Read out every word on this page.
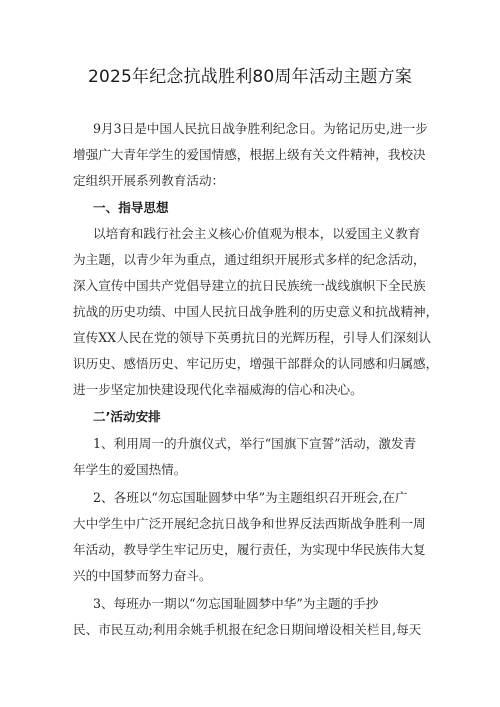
2025年纪念抗战胜利80周年活动主题方案
9月3日是中国人民抗日战争胜利纪念日。为铭记历史,进一步
增强广大青年学生的爱国情感，根据上级有关文件精神，我校决
定组织开展系列教育活动：
一、指导思想
以培育和践行社会主义核心价值观为根本，以爱国主义教育
为主题，以青少年为重点，通过组织开展形式多样的纪念活动，
深入宣传中国共产党倡导建立的抗日民族统一战线旗帜下全民族
抗战的历史功绩、中国人民抗日战争胜利的历史意义和抗战精神，
宣传XX人民在党的领导下英勇抗日的光辉历程，引导人们深刻认
识历史、感悟历史、牢记历史，增强干部群众的认同感和归属感，
进一步坚定加快建设现代化幸福威海的信心和决心。
二’活动安排
1、利用周一的升旗仪式，举行“国旗下宣誓”活动，激发青
年学生的爱国热情。
2、各班以“勿忘国耻圆梦中华”为主题组织召开班会,在广
大中学生中广泛开展纪念抗日战争和世界反法西斯战争胜利一周
年活动，教导学生牢记历史，履行责任，为实现中华民族伟大复
兴的中国梦而努力奋斗。
3、每班办一期以“勿忘国耻圆梦中华”为主题的手抄
民、市民互动;利用余姚手机报在纪念日期间增设相关栏目,每天
